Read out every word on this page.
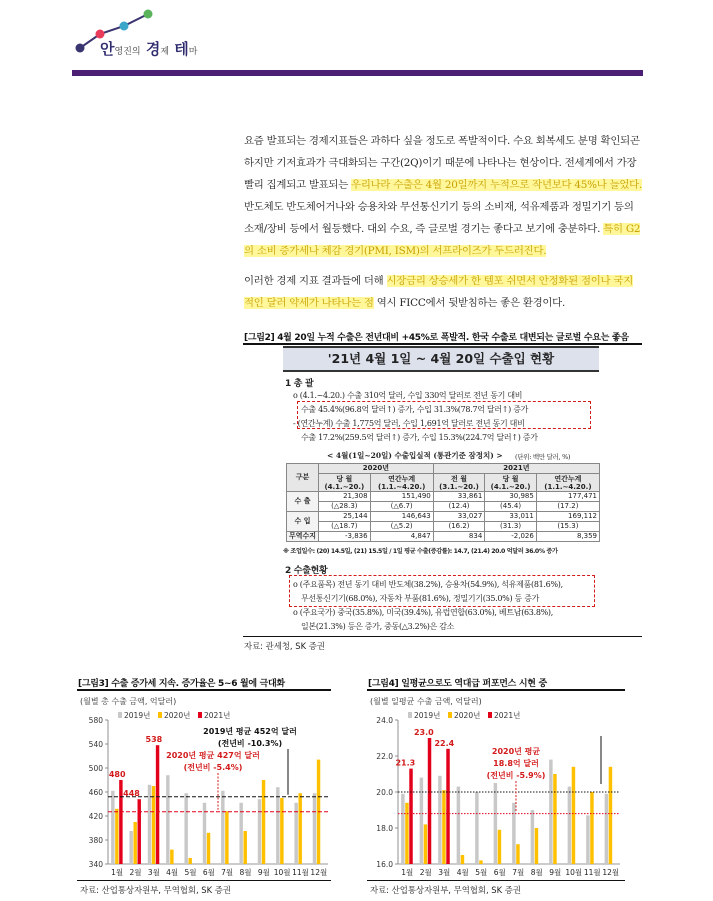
안영진의 경제 테마
요즘 발표되는 경제지표들은 과하다 싶을 정도로 폭발적이다. 수요 회복세도 분명 확인되곤 하지만 기저효과가 극대화되는 구간(2Q)이기 때문에 나타나는 현상이다. 전세계에서 가장 빨리 집계되고 발표되는 우리나라 수출은 4월 20일까지 누적으로 작년보다 45%나 늘었다. 반도체도 반도체어거나와 승용차와 무선통신기기 등의 소비재, 석유제품과 정밀기기 등의 소재/장비 등에서 월등했다. 대외 수요, 즉 글로벌 경기는 좋다고 보기에 충분하다. 특히 G2 의 소비 증가세나 체감 경기(PMI, ISM)의 서프라이즈가 두드러진다.
이러한 경제 지표 결과들에 더해 시장금리 상승세가 한 템포 쉬면서 안정화된 점이나 국지적인 달러 약세가 나타나는 점 역시 FICC에서 뒷받침하는 좋은 환경이다.
[그림2] 4월 20일 누적 수출은 전년대비 +45%로 폭발적. 한국 수출로 대변되는 글로벌 수요는 좋음
'21년 4월 1일 ~ 4월 20일 수출입 현황
1 총 괄
o (4.1.~4.20.) 수출 310억 달러, 수입 330억 달러로 전년 동기 대비
수출 45.4%(96.8억 달러↑) 증가, 수입 31.3%(78.7억 달러↑) 증가
- (연간누계) 수출 1,775억 달러, 수입 1,691억 달러로 전년 동기 대비
수출 17.2%(259.5억 달러↑) 증가, 수입 15.3%(224.7억 달러↑) 증가
< 4월(1일~20일) 수출입실적 (통관기준 잠정치) > (단위: 백만 달러, %)
구분	2020년		2021년		
	당 월 (4.1.~20.)	연간누계 (1.1.~4.20.)	전 월 (3.1.~20.)	당 월 (4.1.~20.)	연간누계 (1.1.~4.20.)
수 출	21,308	151,490	33,861	30,985	177,471
	(△28.3)	(△6.7)	(12.4)	(45.4)	(17.2)
수 입	25,144	146,643	33,027	33,011	169,112
	(△18.7)	(△5.2)	(16.2)	(31.3)	(15.3)
무역수지	-3,836	4,847	834	-2,026	8,359
※ 조업일수: (20) 14.5일, (21) 15.5일 / 1일 평균 수출(증감률): 14.7, (21.4) 20.0 억달러 36.0% 증가
2 수출현황
o (주요품목) 전년 동기 대비 반도체(38.2%), 승용차(54.9%), 석유제품(81.6%),
무선통신기기(68.0%), 자동차 부품(81.6%), 정밀기기(35.0%) 등 증가
o (주요국가) 중국(35.8%), 미국(39.4%), 유럽연합(63.0%), 베트남(63.8%),
일본(21.3%) 등은 증가, 중동(△3.2%)은 감소
자료: 관세청, SK 증권
[그림3] 수출 증가세 지속. 증가율은 5~6 월에 극대화
(월별 총 수출 금액, 억달러)
340
380
420
460
500
540
580
1월 2월 3월 4월 5월 6월 7월 8월 9월 10월 11월 12월
2019년 2020년 2021년
480
448
538
2019년 평균 452억 달러
(전년비 -10.3%)
2020년 평균 427억 달러
(전년비 -5.4%)
자료: 산업통상자원부, 무역협회, SK 증권
[그림4] 일평균으로도 역대급 퍼포먼스 시현 중
(월별 일평균 수출 금액, 억달러)
16.0
18.0
20.0
22.0
24.0
1월 2월 3월 4월 5월 6월 7월 8월 9월 10월 11월 12월
2019년 2020년 2021년
21.3
23.0
22.4
2020년 평균
18.8억 달러
(전년비 -5.9%)
자료: 산업통상자원부, 무역협회, SK 증권
